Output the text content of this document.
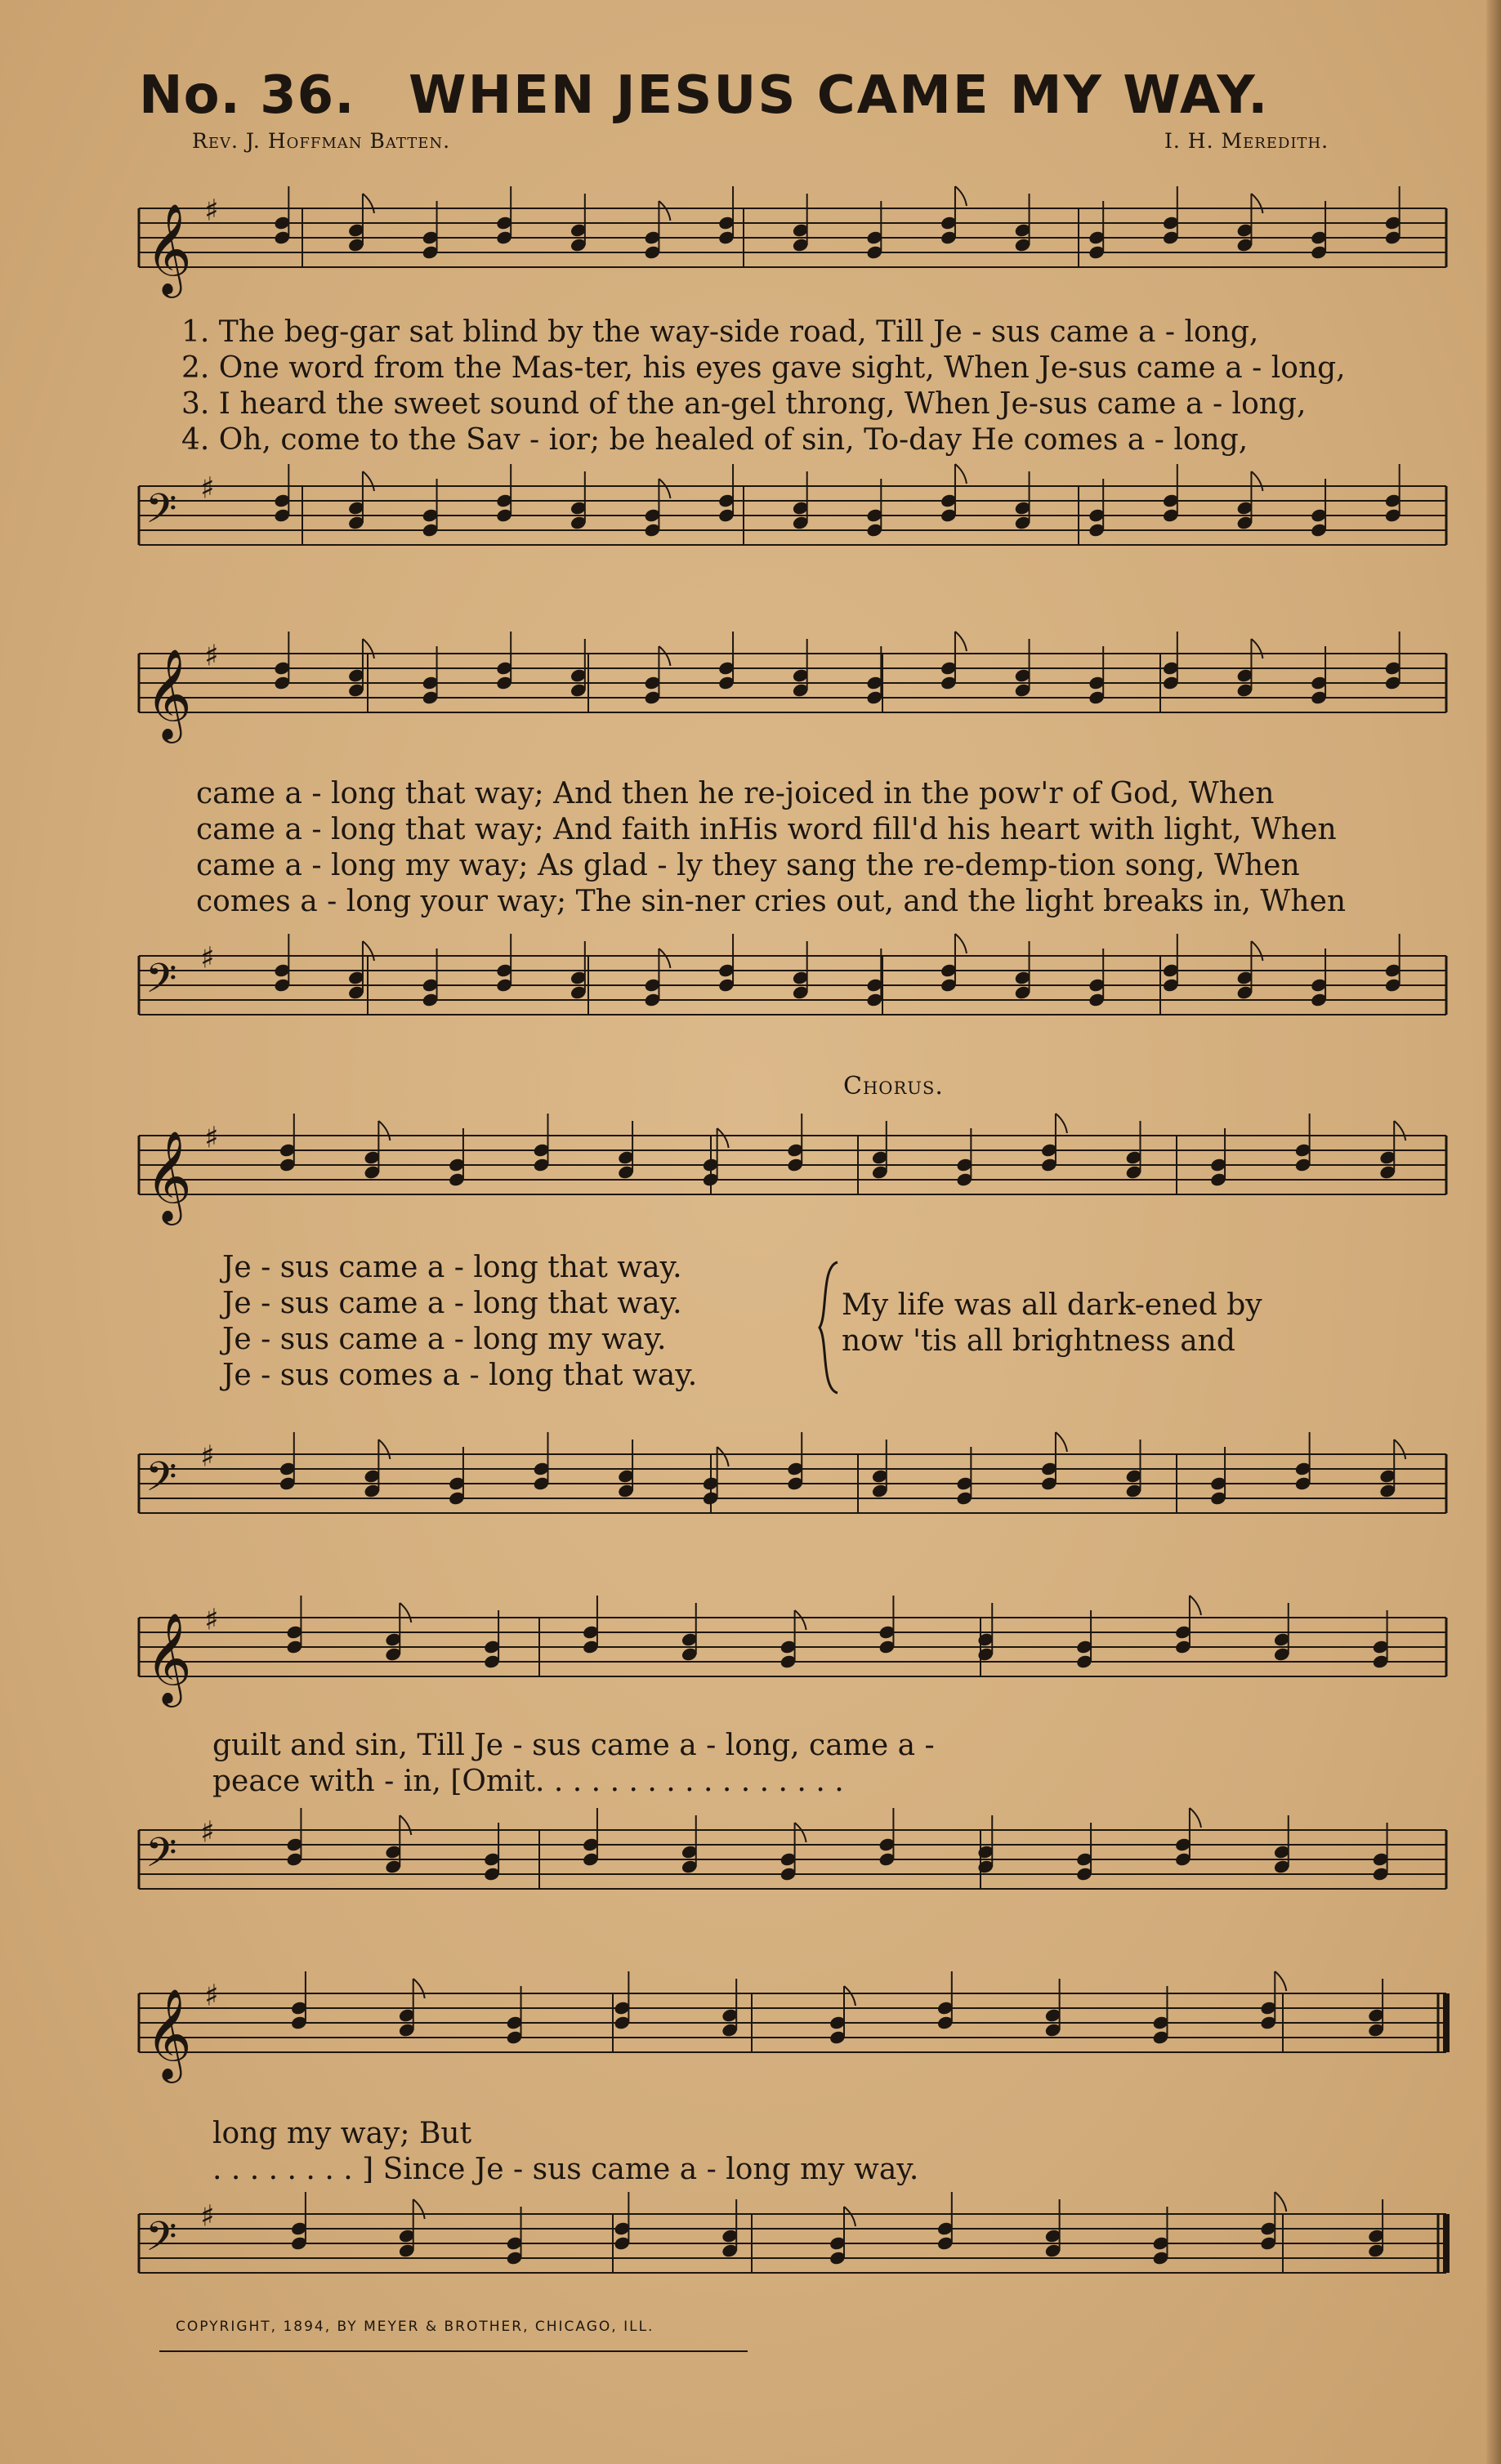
No. 36. WHEN JESUS CAME MY WAY.
Rev. J. Hoffman Batten.	I. H. Meredith.
𝄞 ♯
1. The beg-gar sat blind by the way-side road, Till Je - sus came a - long,
2. One word from the Mas-ter, his eyes gave sight, When Je-sus came a - long,
3. I heard the sweet sound of the an-gel throng, When Je-sus came a - long,
4. Oh, come to the Sav - ior; be healed of sin, To-day He comes a - long,
𝄢 ♯
𝄞 ♯
came a - long that way; And then he re-joiced in the pow'r of God, When
came a - long that way; And faith inHis word fill'd his heart with light, When
came a - long my way; As glad - ly they sang the re-demp-tion song, When
comes a - long your way; The sin-ner cries out, and the light breaks in, When
𝄢 ♯
Chorus.
𝄞 ♯
Je - sus came a - long that way.
Je - sus came a - long that way.
Je - sus came a - long my way.
Je - sus comes a - long that way.
My life was all dark-ened by
now 'tis all brightness and
𝄢 ♯
𝄞 ♯
guilt and sin, Till Je - sus came a - long, came a -
peace with - in, [Omit. . . . . . . . . . . . . . . . .
𝄢 ♯
𝄞 ♯
long my way; But
. . . . . . . . ] Since Je - sus came a - long my way.
𝄢 ♯
COPYRIGHT, 1894, BY MEYER & BROTHER, CHICAGO, ILL.
